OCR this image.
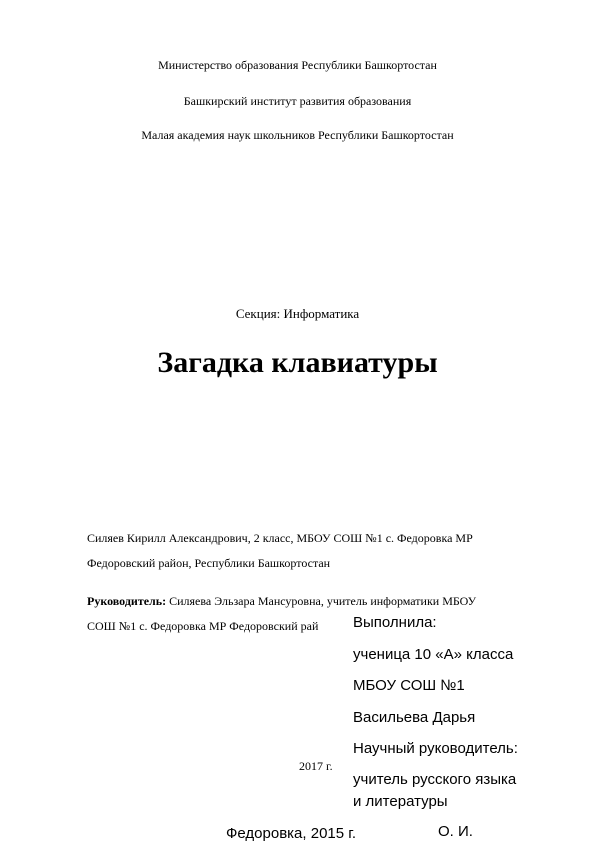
Министерство образования Республики Башкортостан

Башкирский институт развития образования

Малая академия наук школьников Республики Башкортостан

Секция: Информатика

Загадка клавиатуры

Силяев Кирилл Александрович, 2 класс, МБОУ СОШ №1 с. Федоровка МР
Федоровский район, Республики Башкортостан

Руководитель: Силяева Эльзара Мансуровна, учитель информатики МБОУ
СОШ №1 с. Федоровка МР Федоровский рай

2017 г.

Выполнила:

ученица 10 «А» класса

МБОУ СОШ №1

Васильева Дарья

Научный руководитель:

учитель русского языка

и литературы

О. И.

Федоровка, 2015 г.
